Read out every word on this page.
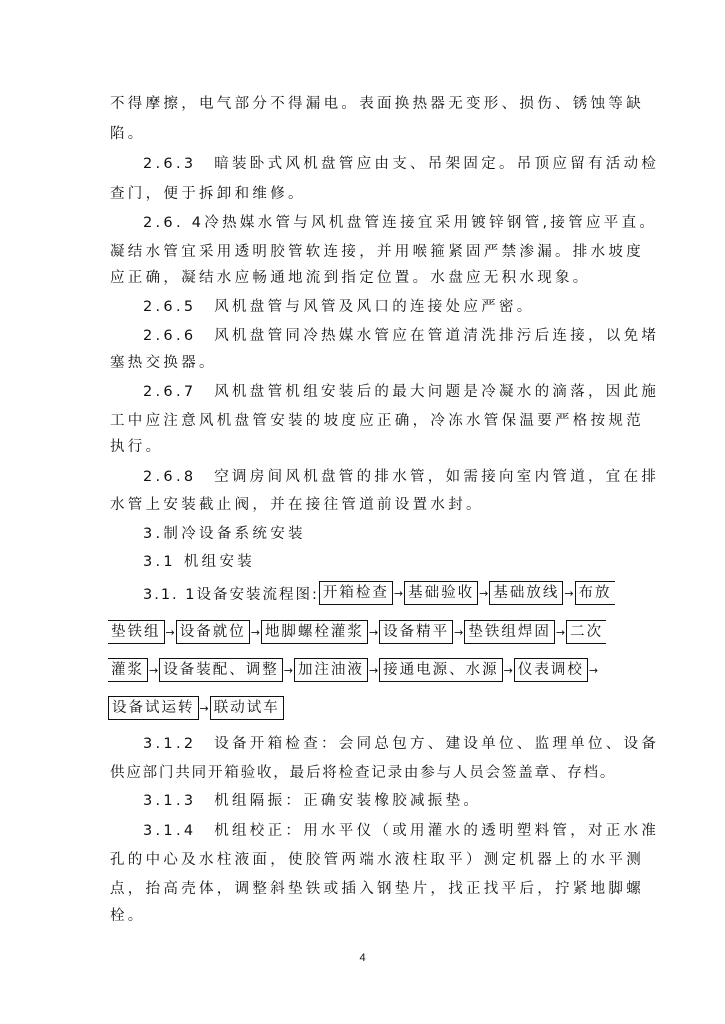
不得摩擦，电气部分不得漏电。表面换热器无变形、损伤、锈蚀等缺
陷。
2.6.3　暗装卧式风机盘管应由支、吊架固定。吊顶应留有活动检
查门，便于拆卸和维修。
2.6. 4冷热媒水管与风机盘管连接宜采用镀锌钢管,接管应平直。
凝结水管宜采用透明胶管软连接，并用喉箍紧固严禁渗漏。排水坡度
应正确，凝结水应畅通地流到指定位置。水盘应无积水现象。
2.6.5　风机盘管与风管及风口的连接处应严密。
2.6.6　风机盘管同冷热媒水管应在管道清洗排污后连接，以免堵
塞热交换器。
2.6.7　风机盘管机组安装后的最大问题是冷凝水的滴落，因此施
工中应注意风机盘管安装的坡度应正确，冷冻水管保温要严格按规范
执行。
2.6.8　空调房间风机盘管的排水管，如需接向室内管道，宜在排
水管上安装截止阀，并在接往管道前设置水封。
3.制冷设备系统安装
3.1 机组安装
3.1. 1设备安装流程图: 开箱检查 → 基础验收 → 基础放线 → 布放
垫铁组 → 设备就位 → 地脚螺栓灌浆 → 设备精平 → 垫铁组焊固 → 二次
灌浆 → 设备装配、调整 → 加注油液 → 接通电源、水源 → 仪表调校 →
设备试运转 → 联动试车
3.1.2　设备开箱检查：会同总包方、建设单位、监理单位、设备
供应部门共同开箱验收，最后将检查记录由参与人员会签盖章、存档。
3.1.3　机组隔振：正确安装橡胶减振垫。
3.1.4　机组校正：用水平仪（或用灌水的透明塑料管，对正水准
孔的中心及水柱液面，使胶管两端水液柱取平）测定机器上的水平测
点，抬高壳体，调整斜垫铁或插入钢垫片，找正找平后，拧紧地脚螺
栓。
4
